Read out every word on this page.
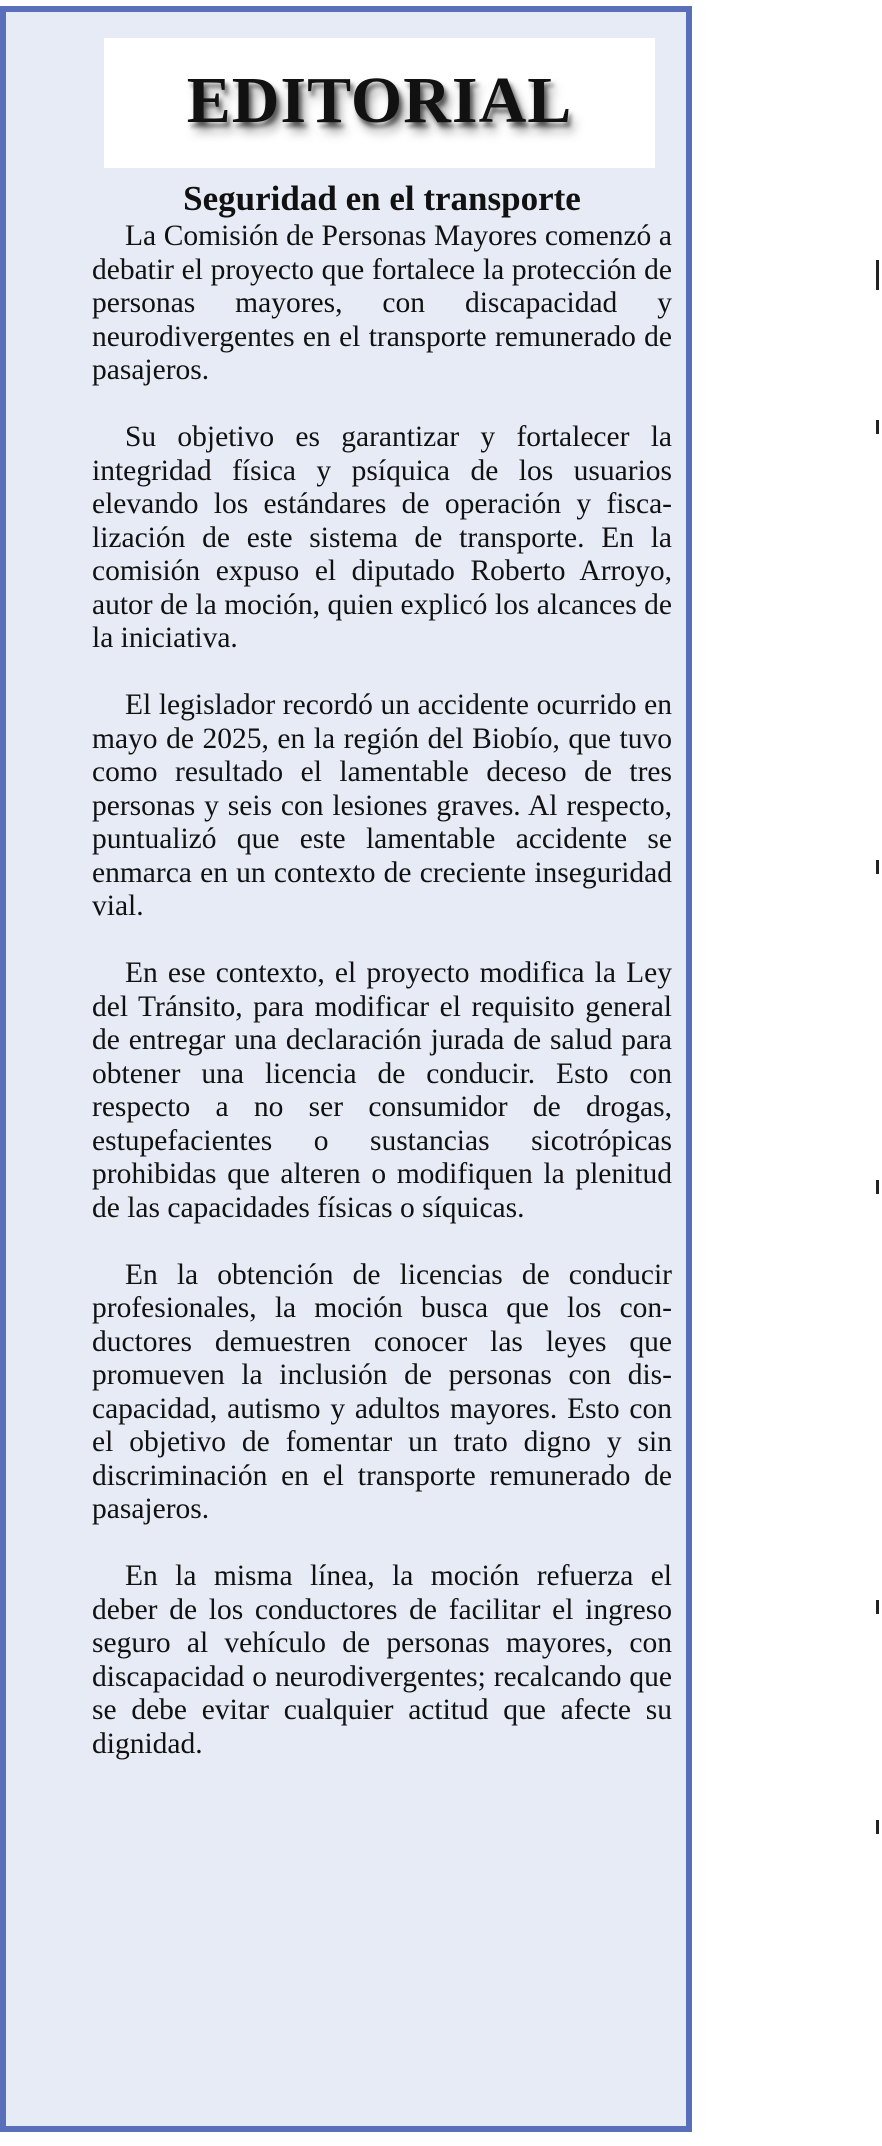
EDITORIAL
Seguridad en el transporte

La Comisión de Personas Mayores comenzó a debatir el proyecto que fortalece la protección de personas mayores, con discapacidad y neurodivergentes en el transporte remunerado de pasajeros.

Su objetivo es garantizar y fortalecer la integridad física y psíquica de los usuarios elevando los estándares de operación y fiscalización de este sistema de transporte. En la comisión expuso el diputado Roberto Arroyo, autor de la moción, quien explicó los alcances de la iniciativa.

El legislador recordó un accidente ocurrido en mayo de 2025, en la región del Biobío, que tuvo como resultado el lamentable deceso de tres personas y seis con lesiones graves. Al respecto, puntualizó que este lamentable accidente se enmarca en un contexto de creciente inseguridad vial.

En ese contexto, el proyecto modifica la Ley del Tránsito, para modificar el requisito general de entregar una declaración jurada de salud para obtener una licencia de conducir. Esto con respecto a no ser consumidor de drogas, estupefacientes o sustancias sicotrópicas prohibidas que alteren o modifiquen la plenitud de las capacidades físicas o síquicas.

En la obtención de licencias de conducir profesionales, la moción busca que los conductores demuestren conocer las leyes que promueven la inclusión de personas con discapacidad, autismo y adultos mayores. Esto con el objetivo de fomentar un trato digno y sin discriminación en el transporte remunerado de pasajeros.

En la misma línea, la moción refuerza el deber de los conductores de facilitar el ingreso seguro al vehículo de personas mayores, con discapacidad o neurodivergentes; recalcando que se debe evitar cualquier actitud que afecte su dignidad.
